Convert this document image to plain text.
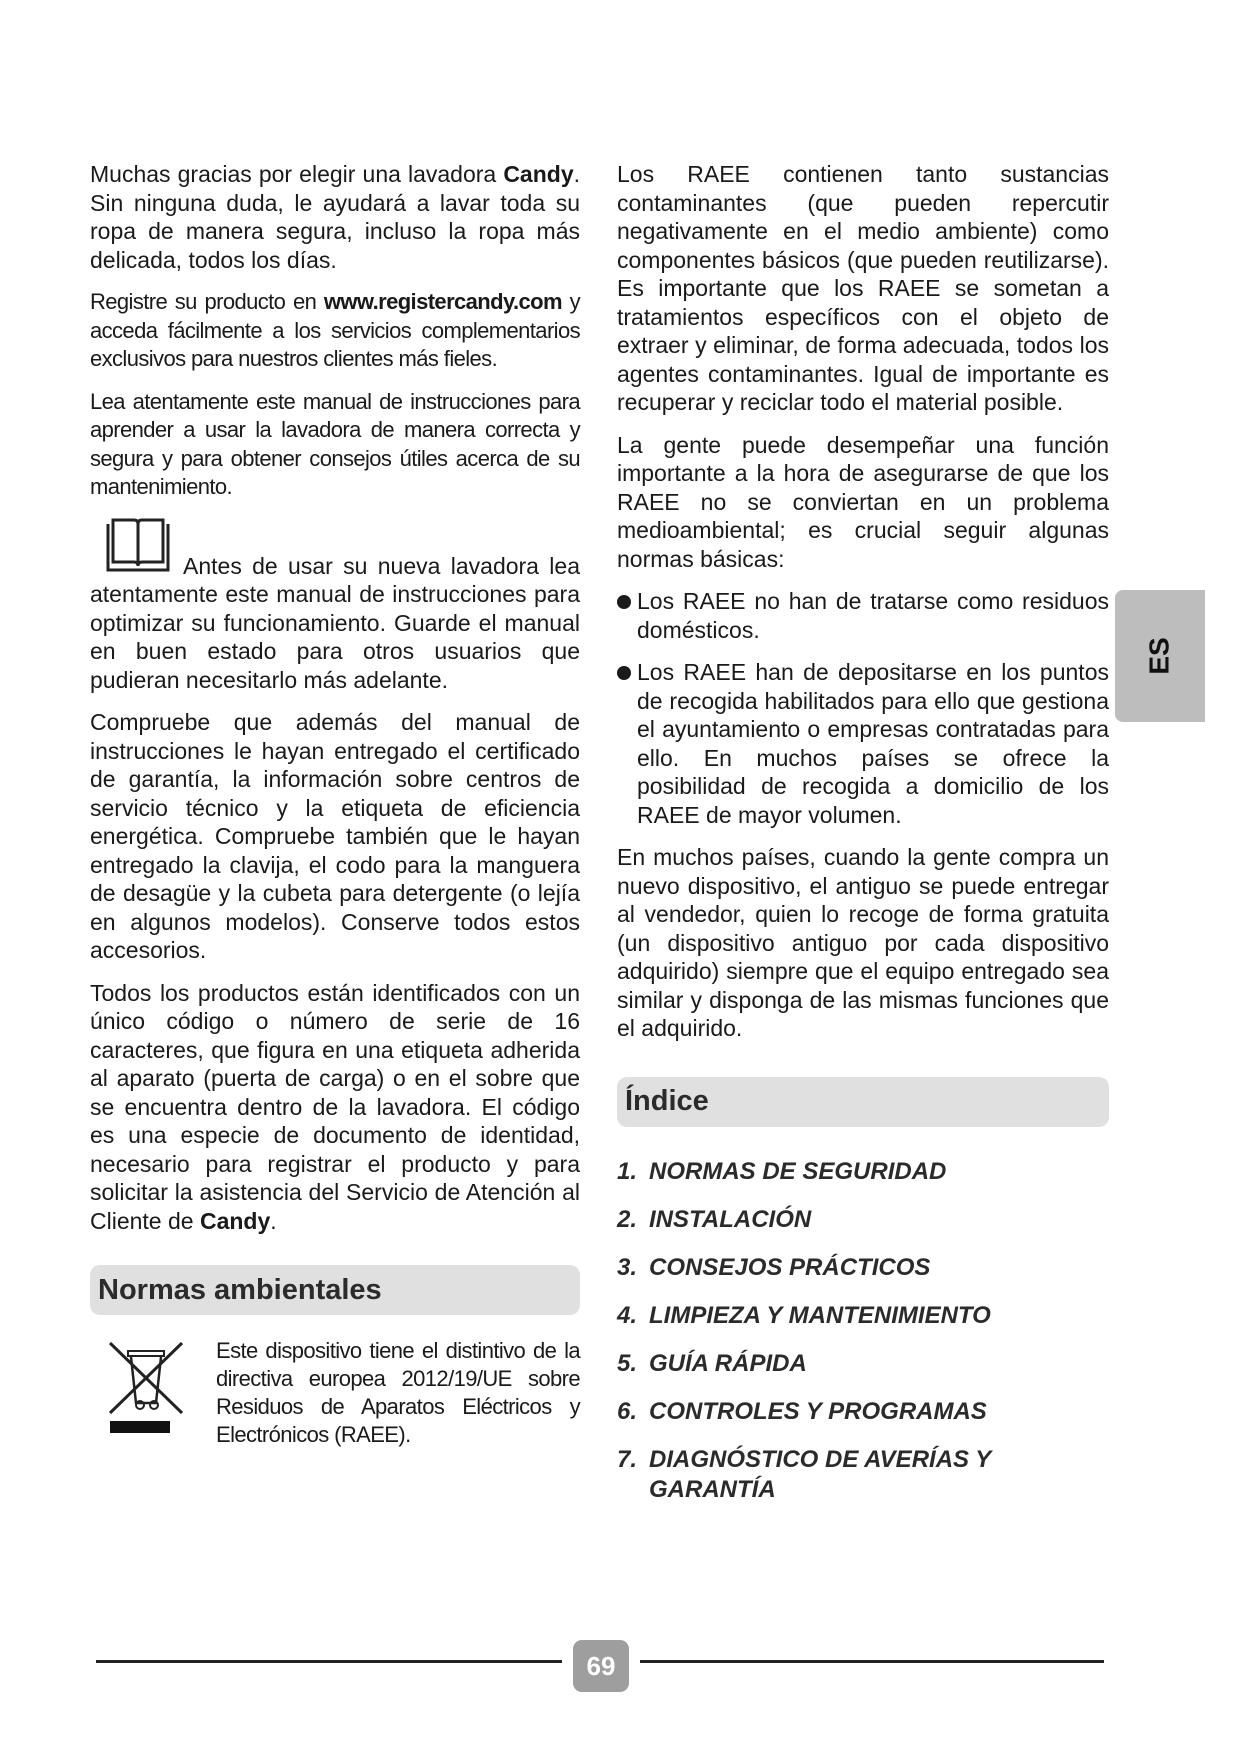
Muchas gracias por elegir una lavadora Candy. Sin ninguna duda, le ayudará a lavar toda su ropa de manera segura, incluso la ropa más delicada, todos los días.

Registre su producto en www.registercandy.com y acceda fácilmente a los servicios complementarios exclusivos para nuestros clientes más fieles.

Lea atentamente este manual de instrucciones para aprender a usar la lavadora de manera correcta y segura y para obtener consejos útiles acerca de su mantenimiento.

Antes de usar su nueva lavadora lea atentamente este manual de instrucciones para optimizar su funcionamiento. Guarde el manual en buen estado para otros usuarios que pudieran necesitarlo más adelante.

Compruebe que además del manual de instrucciones le hayan entregado el certificado de garantía, la información sobre centros de servicio técnico y la etiqueta de eficiencia energética. Compruebe también que le hayan entregado la clavija, el codo para la manguera de desagüe y la cubeta para detergente (o lejía en algunos modelos). Conserve todos estos accesorios.

Todos los productos están identificados con un único código o número de serie de 16 caracteres, que figura en una etiqueta adherida al aparato (puerta de carga) o en el sobre que se encuentra dentro de la lavadora. El código es una especie de documento de identidad, necesario para registrar el producto y para solicitar la asistencia del Servicio de Atención al Cliente de Candy.

Normas ambientales

Este dispositivo tiene el distintivo de la directiva europea 2012/19/UE sobre Residuos de Aparatos Eléctricos y Electrónicos (RAEE).

Los RAEE contienen tanto sustancias contaminantes (que pueden repercutir negativamente en el medio ambiente) como componentes básicos (que pueden reutilizarse). Es importante que los RAEE se sometan a tratamientos específicos con el objeto de extraer y eliminar, de forma adecuada, todos los agentes contaminantes. Igual de importante es recuperar y reciclar todo el material posible.

La gente puede desempeñar una función importante a la hora de asegurarse de que los RAEE no se conviertan en un problema medioambiental; es crucial seguir algunas normas básicas:

Los RAEE no han de tratarse como residuos domésticos.

Los RAEE han de depositarse en los puntos de recogida habilitados para ello que gestiona el ayuntamiento o empresas contratadas para ello. En muchos países se ofrece la posibilidad de recogida a domicilio de los RAEE de mayor volumen.

En muchos países, cuando la gente compra un nuevo dispositivo, el antiguo se puede entregar al vendedor, quien lo recoge de forma gratuita (un dispositivo antiguo por cada dispositivo adquirido) siempre que el equipo entregado sea similar y disponga de las mismas funciones que el adquirido.

Índice
1. NORMAS DE SEGURIDAD
2. INSTALACIÓN
3. CONSEJOS PRÁCTICOS
4. LIMPIEZA Y MANTENIMIENTO
5. GUÍA RÁPIDA
6. CONTROLES Y PROGRAMAS
7. DIAGNÓSTICO DE AVERÍAS Y GARANTÍA
ES
69
